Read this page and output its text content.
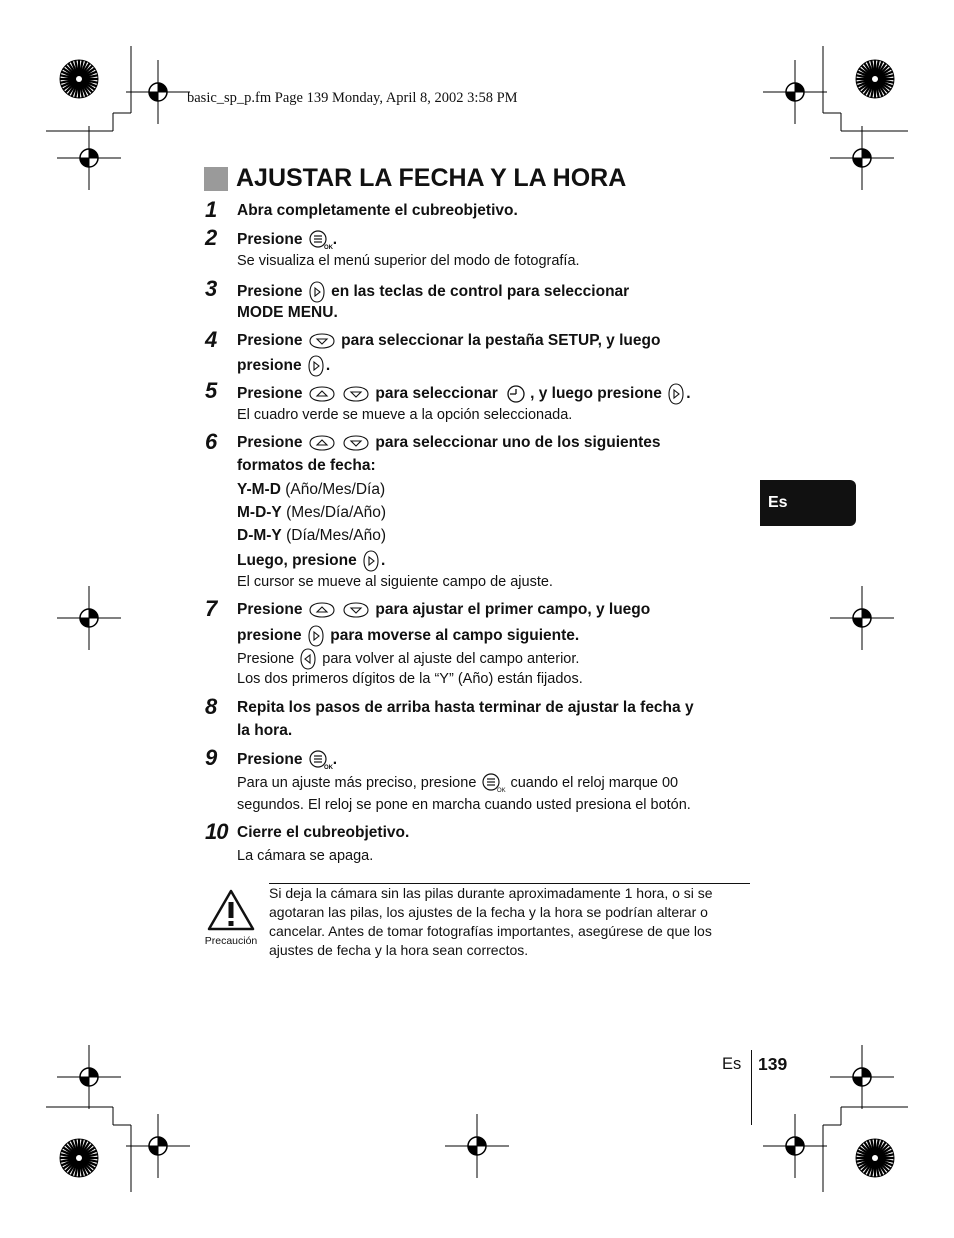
basic_sp_p.fm Page 139 Monday, April 8, 2002 3:58 PM
AJUSTAR LA FECHA Y LA HORA
1 Abra completamente el cubreobjetivo.
2 Presione	OK .
Se visualiza el menú superior del modo de fotografía.
3 Presione en las teclas de control para seleccionar
MODE MENU.
4 Presione para seleccionar la pestaña SETUP, y luego
presione .
5 Presione
	para seleccionar , y luego presione .
El cuadro verde se mueve a la opción seleccionada.
6 Presione
	para seleccionar uno de los siguientes
formatos de fecha:
Y-M-D (Año/Mes/Día)
M-D-Y (Mes/Día/Año)
D-M-Y (Día/Mes/Año)
Luego, presione .
El cursor se mueve al siguiente campo de ajuste.
7 Presione
	para ajustar el primer campo, y luego
presione para moverse al campo siguiente.
Presione para volver al ajuste del campo anterior.
Los dos primeros dígitos de la “Y” (Año) están fijados.
8 Repita los pasos de arriba hasta terminar de ajustar la fecha y
la hora.
9 Presione	OK .
Para un ajuste más preciso, presione
OK
cuando el reloj marque 00
segundos. El reloj se pone en marcha cuando usted presiona el botón.
10 Cierre el cubreobjetivo.
La cámara se apaga.
Es
Precaución
Si deja la cámara sin las pilas durante aproximadamente 1 hora, o si se
agotaran las pilas, los ajustes de la fecha y la hora se podrían alterar o
cancelar. Antes de tomar fotografías importantes, asegúrese de que los
ajustes de fecha y la hora sean correctos.
Es 139
